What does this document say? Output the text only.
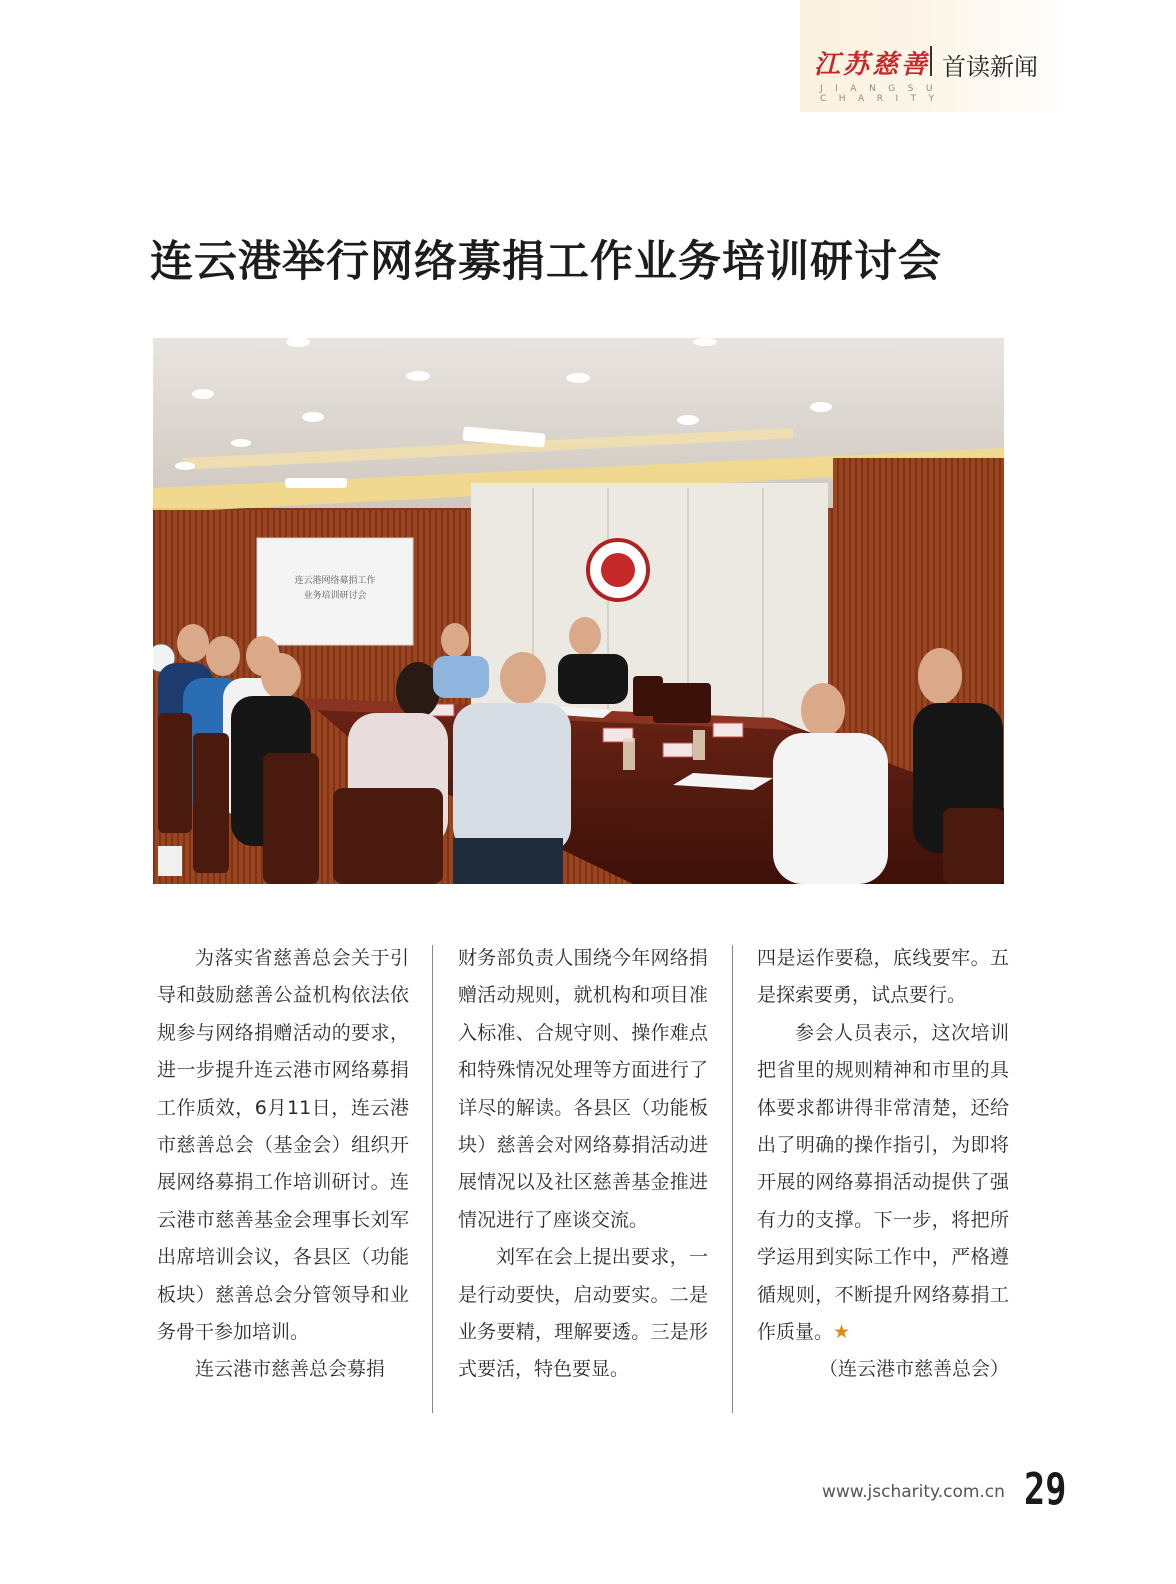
江苏慈善 首读新闻
JIANGSU CHARITY
连云港举行网络募捐工作业务培训研讨会
连云港网络募捐工作
业务培训研讨会

为落实省慈善总会关于引导和鼓励慈善公益机构依法依规参与网络捐赠活动的要求，进一步提升连云港市网络募捐工作质效，6月11日，连云港市慈善总会（基金会）组织开展网络募捐工作培训研讨。连云港市慈善基金会理事长刘军出席培训会议，各县区（功能板块）慈善总会分管领导和业务骨干参加培训。

连云港市慈善总会募捐

财务部负责人围绕今年网络捐赠活动规则，就机构和项目准入标准、合规守则、操作难点和特殊情况处理等方面进行了详尽的解读。各县区（功能板块）慈善会对网络募捐活动进展情况以及社区慈善基金推进情况进行了座谈交流。

刘军在会上提出要求，一是行动要快，启动要实。二是业务要精，理解要透。三是形式要活，特色要显。

四是运作要稳，底线要牢。五是探索要勇，试点要行。

参会人员表示，这次培训把省里的规则精神和市里的具体要求都讲得非常清楚，还给出了明确的操作指引，为即将开展的网络募捐活动提供了强有力的支撑。下一步，将把所学运用到实际工作中，严格遵循规则，不断提升网络募捐工作质量。★

（连云港市慈善总会）

www.jscharity.com.cn 29
